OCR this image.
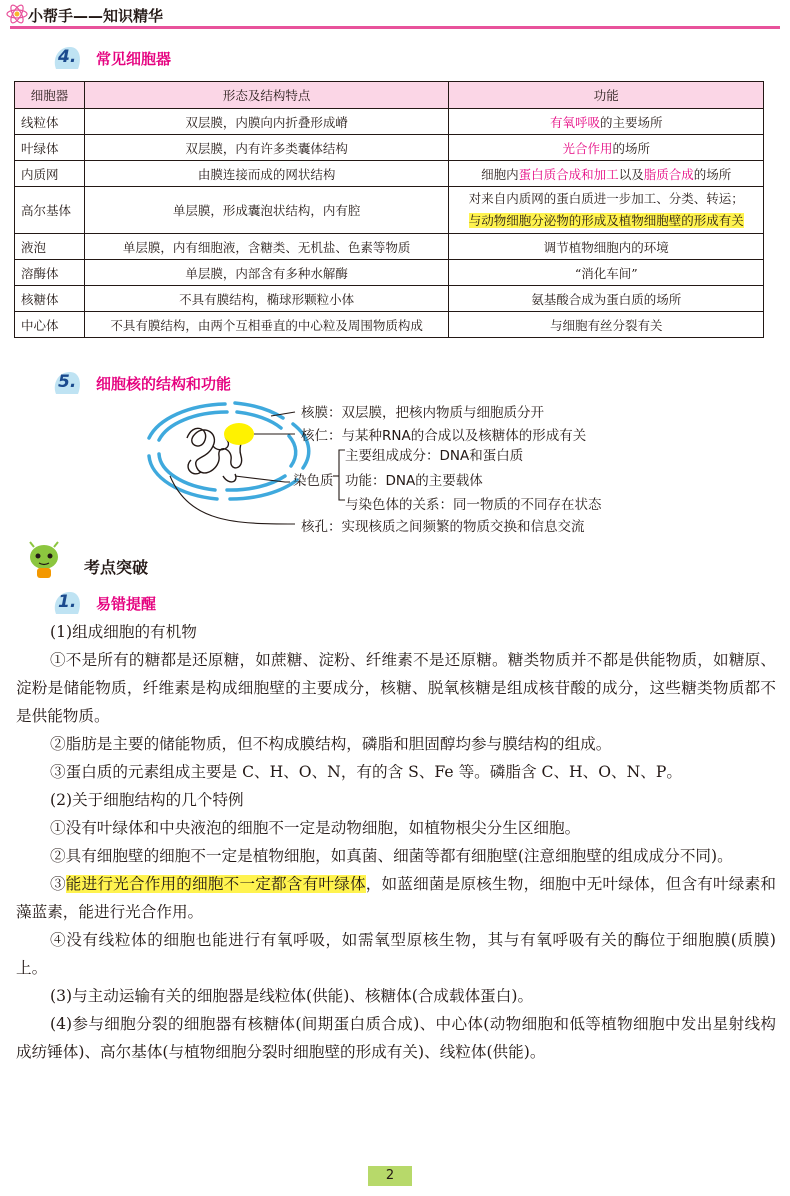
小帮手——知识精华
4. 常见细胞器
细胞器	形态及结构特点	功能
线粒体	双层膜，内膜向内折叠形成嵴	有氧呼吸的主要场所
叶绿体	双层膜，内有许多类囊体结构	光合作用的场所
内质网	由膜连接而成的网状结构	细胞内蛋白质合成和加工以及脂质合成的场所
高尔基体	单层膜，形成囊泡状结构，内有腔	对来自内质网的蛋白质进一步加工、分类、转运；
与动物细胞分泌物的形成及植物细胞壁的形成有关

液泡	单层膜，内有细胞液，含糖类、无机盐、色素等物质	调节植物细胞内的环境
溶酶体	单层膜，内部含有多种水解酶	“消化车间”
核糖体	不具有膜结构，椭球形颗粒小体	氨基酸合成为蛋白质的场所
中心体	不具有膜结构，由两个互相垂直的中心粒及周围物质构成	与细胞有丝分裂有关
5. 细胞核的结构和功能
核膜：双层膜，把核内物质与细胞质分开
核仁：与某种RNA的合成以及核糖体的形成有关
染色质
主要组成成分：DNA和蛋白质
功能：DNA的主要载体
与染色体的关系：同一物质的不同存在状态
核孔：实现核质之间频繁的物质交换和信息交流
考点突破
1. 易错提醒

(1)组成细胞的有机物

①不是所有的糖都是还原糖，如蔗糖、淀粉、纤维素不是还原糖。糖类物质并不都是供能物质，如糖原、淀粉是储能物质，纤维素是构成细胞壁的主要成分，核糖、脱氧核糖是组成核苷酸的成分，这些糖类物质都不是供能物质。

②脂肪是主要的储能物质，但不构成膜结构，磷脂和胆固醇均参与膜结构的组成。

③蛋白质的元素组成主要是 C、H、O、N，有的含 S、Fe 等。磷脂含 C、H、O、N、P。

(2)关于细胞结构的几个特例

①没有叶绿体和中央液泡的细胞不一定是动物细胞，如植物根尖分生区细胞。

②具有细胞壁的细胞不一定是植物细胞，如真菌、细菌等都有细胞壁(注意细胞壁的组成成分不同)。

③能进行光合作用的细胞不一定都含有叶绿体，如蓝细菌是原核生物，细胞中无叶绿体，但含有叶绿素和藻蓝素，能进行光合作用。

④没有线粒体的细胞也能进行有氧呼吸，如需氧型原核生物，其与有氧呼吸有关的酶位于细胞膜(质膜)上。

(3)与主动运输有关的细胞器是线粒体(供能)、核糖体(合成载体蛋白)。

(4)参与细胞分裂的细胞器有核糖体(间期蛋白质合成)、中心体(动物细胞和低等植物细胞中发出星射线构成纺锤体)、高尔基体(与植物细胞分裂时细胞壁的形成有关)、线粒体(供能)。

2
